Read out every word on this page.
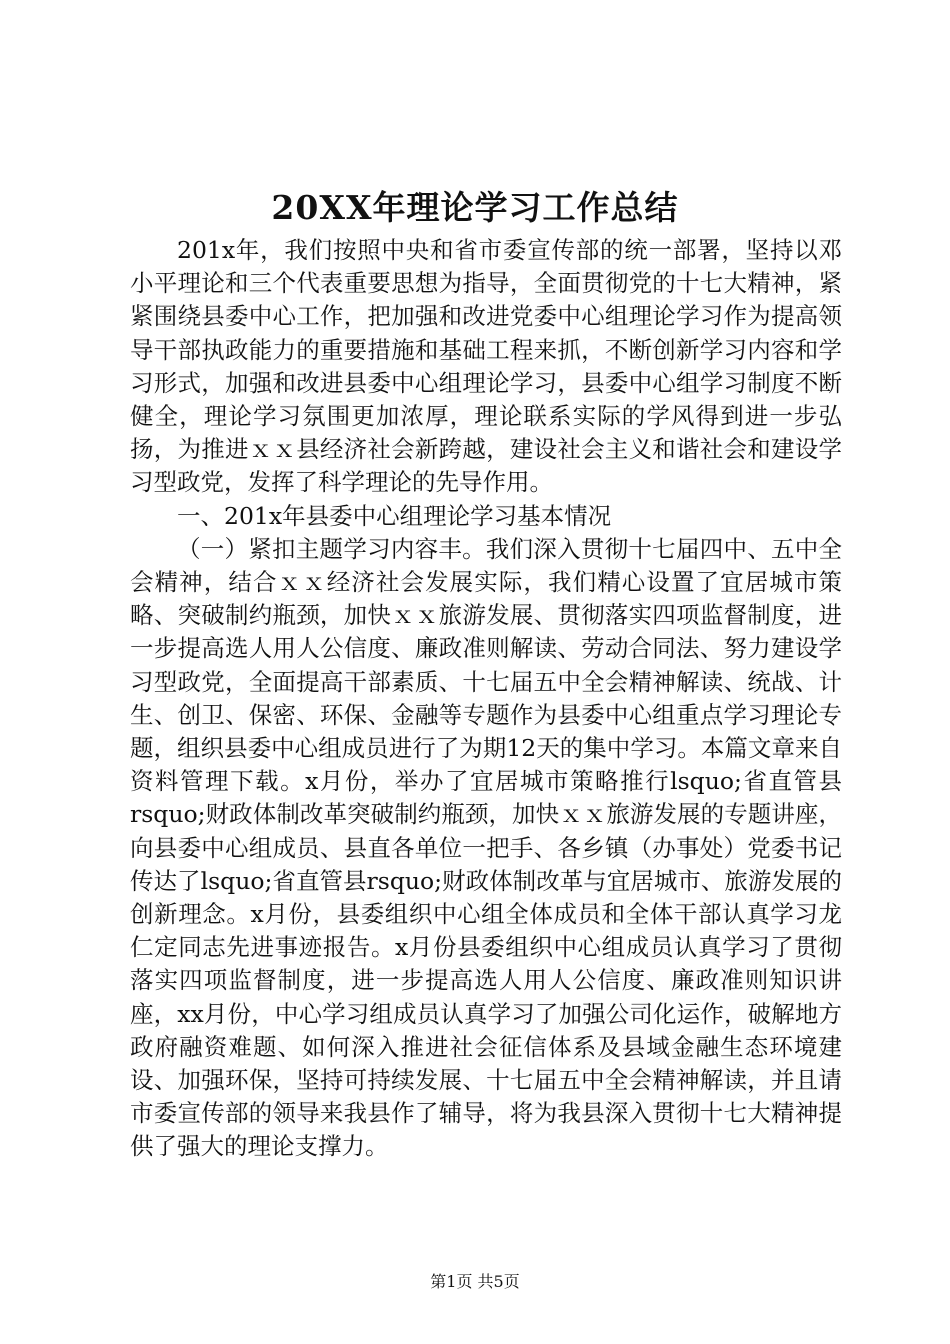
20XX年理论学习工作总结

201x年，我们按照中央和省市委宣传部的统一部署，坚持以邓小平理论和三个代表重要思想为指导，全面贯彻党的十七大精神，紧紧围绕县委中心工作，把加强和改进党委中心组理论学习作为提高领导干部执政能力的重要措施和基础工程来抓，不断创新学习内容和学习形式，加强和改进县委中心组理论学习，县委中心组学习制度不断健全，理论学习氛围更加浓厚，理论联系实际的学风得到进一步弘扬，为推进ｘｘ县经济社会新跨越，建设社会主义和谐社会和建设学习型政党，发挥了科学理论的先导作用。

一、201x年县委中心组理论学习基本情况

（一）紧扣主题学习内容丰。我们深入贯彻十七届四中、五中全会精神，结合ｘｘ经济社会发展实际，我们精心设置了宜居城市策略、突破制约瓶颈，加快ｘｘ旅游发展、贯彻落实四项监督制度，进一步提高选人用人公信度、廉政准则解读、劳动合同法、努力建设学习型政党，全面提高干部素质、十七届五中全会精神解读、统战、计生、创卫、保密、环保、金融等专题作为县委中心组重点学习理论专题，组织县委中心组成员进行了为期12天的集中学习。本篇文章来自资料管理下载。x月份，举办了宜居城市策略推行lsquo;省直管县rsquo;财政体制改革突破制约瓶颈，加快ｘｘ旅游发展的专题讲座，向县委中心组成员、县直各单位一把手、各乡镇（办事处）党委书记传达了lsquo;省直管县rsquo;财政体制改革与宜居城市、旅游发展的创新理念。x月份，县委组织中心组全体成员和全体干部认真学习龙仁定同志先进事迹报告。x月份县委组织中心组成员认真学习了贯彻落实四项监督制度，进一步提高选人用人公信度、廉政准则知识讲座，xx月份，中心学习组成员认真学习了加强公司化运作，破解地方政府融资难题、如何深入推进社会征信体系及县域金融生态环境建设、加强环保，坚持可持续发展、十七届五中全会精神解读，并且请市委宣传部的领导来我县作了辅导，将为我县深入贯彻十七大精神提供了强大的理论支撑力。

第1页 共5页
